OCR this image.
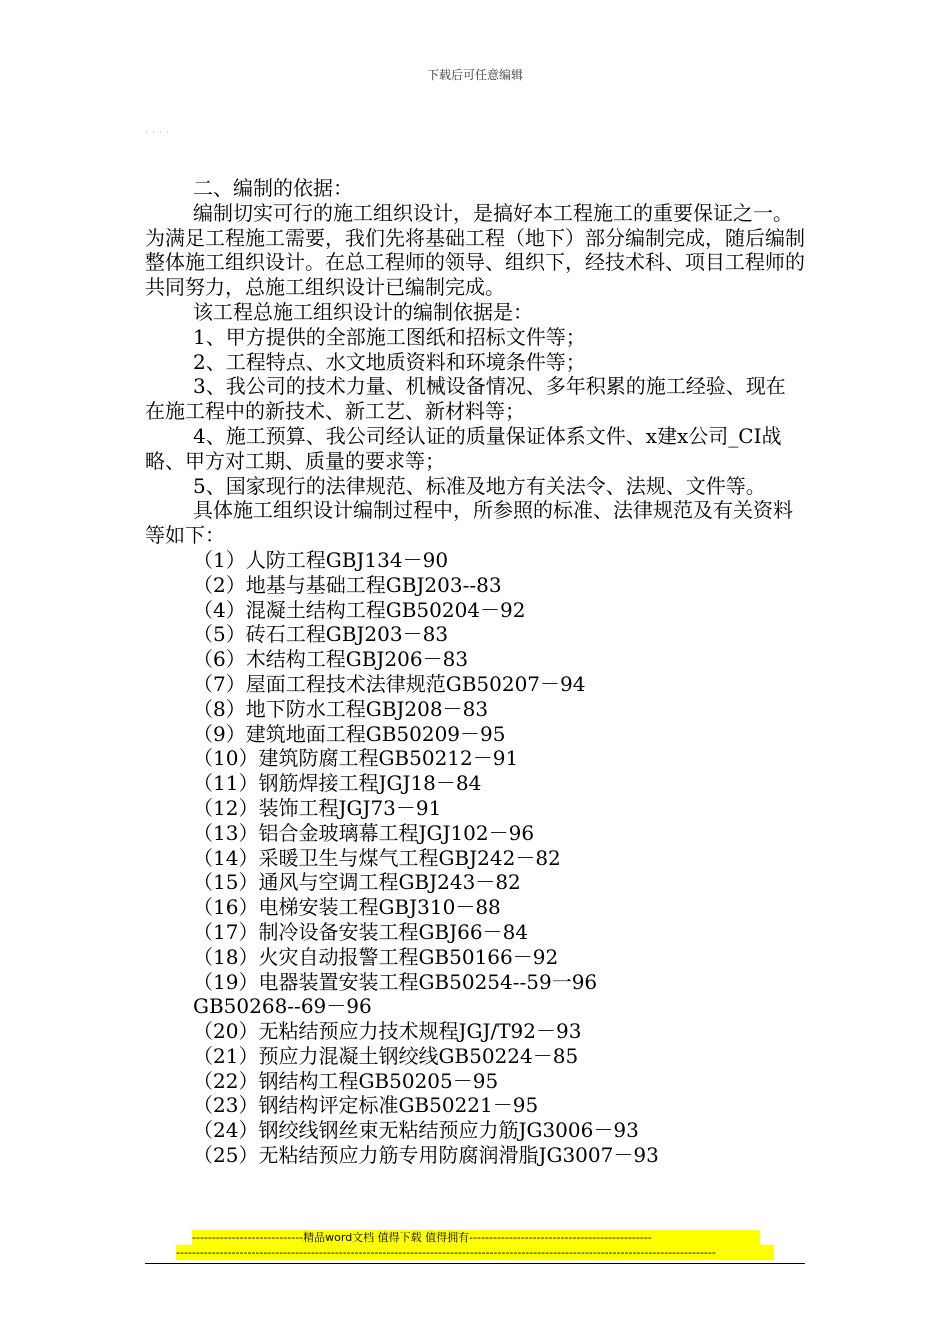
下载后可任意编辑
· · · ·

二、编制的依据：

编制切实可行的施工组织设计，是搞好本工程施工的重要保证之一。为满足工程施工需要，我们先将基础工程（地下）部分编制完成，随后编制整体施工组织设计。在总工程师的领导、组织下，经技术科、项目工程师的共同努力，总施工组织设计已编制完成。

该工程总施工组织设计的编制依据是：

1、甲方提供的全部施工图纸和招标文件等；

2、工程特点、水文地质资料和环境条件等；

3、我公司的技术力量、机械设备情况、多年积累的施工经验、现在在施工程中的新技术、新工艺、新材料等；

4、施工预算、我公司经认证的质量保证体系文件、x建x公司_CI战略、甲方对工期、质量的要求等；

5、国家现行的法律规范、标准及地方有关法令、法规、文件等。

具体施工组织设计编制过程中，所参照的标准、法律规范及有关资料等如下：

（1）人防工程GBJ134－90

（2）地基与基础工程GBJ203--83

（4）混凝土结构工程GB50204－92

（5）砖石工程GBJ203－83

（6）木结构工程GBJ206－83

（7）屋面工程技术法律规范GB50207－94

（8）地下防水工程GBJ208－83

（9）建筑地面工程GB50209－95

（10）建筑防腐工程GB50212－91

（11）钢筋焊接工程JGJ18－84

（12）装饰工程JGJ73－91

（13）铝合金玻璃幕工程JGJ102－96

（14）采暖卫生与煤气工程GBJ242－82

（15）通风与空调工程GBJ243－82

（16）电梯安装工程GBJ310－88

（17）制冷设备安装工程GBJ66－84

（18）火灾自动报警工程GB50166－92

（19）电器装置安装工程GB50254--59一96

GB50268--69－96

（20）无粘结预应力技术规程JGJ/T92－93

（21）预应力混凝土钢绞线GB50224－85

（22）钢结构工程GB50205－95

（23）钢结构评定标准GB50221－95

（24）钢绞线钢丝束无粘结预应力筋JG3006－93

（25）无粘结预应力筋专用防腐润滑脂JG3007－93

----------------------------精品word文档 值得下载 值得拥有----------------------------------------------
----------------------------------------------------------------------------------------------------------------------------------------
